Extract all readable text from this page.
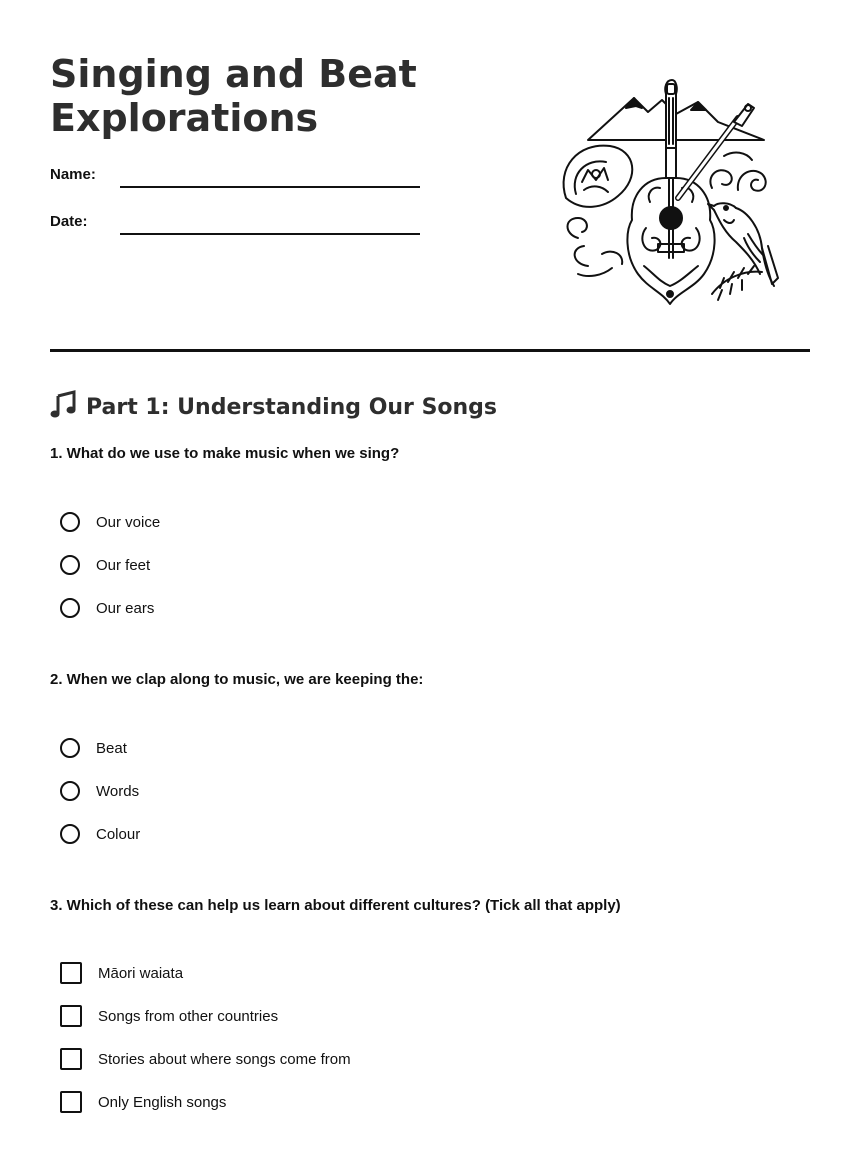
Singing and Beat
Explorations
Name:
Date:
Part 1: Understanding Our Songs

1. What do we use to make music when we sing?

Our voice
Our feet
Our ears

2. When we clap along to music, we are keeping the:

Beat
Words
Colour

3. Which of these can help us learn about different cultures? (Tick all that apply)

Māori waiata
Songs from other countries
Stories about where songs come from
Only English songs
